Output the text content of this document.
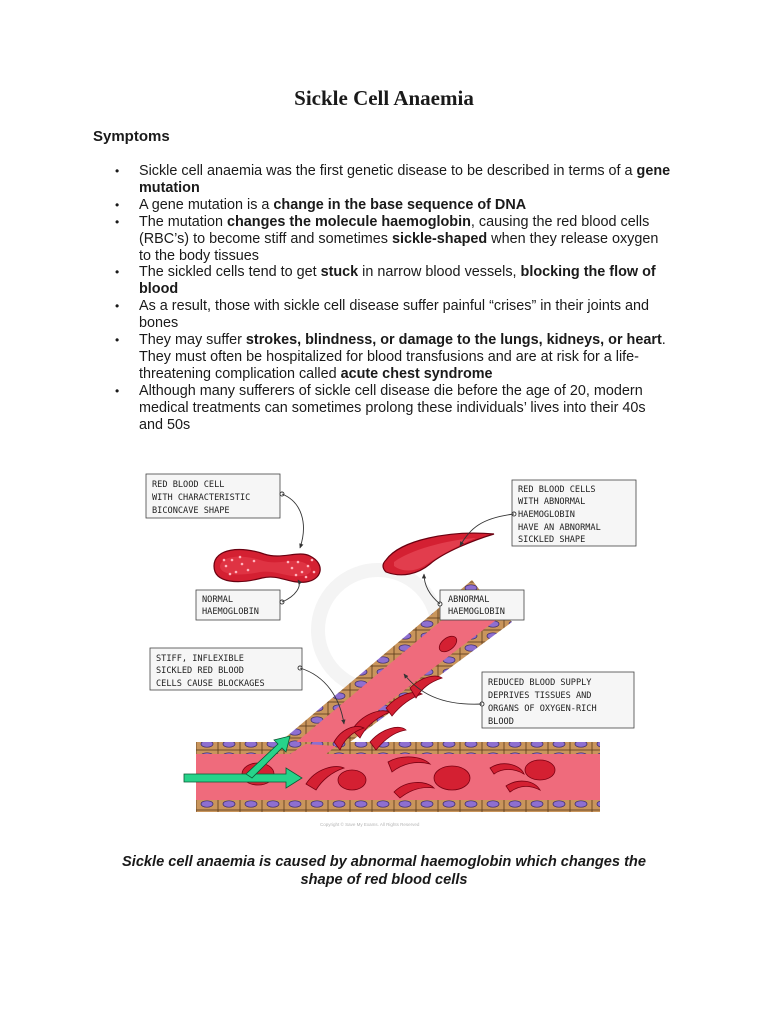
Sickle Cell Anaemia
Symptoms
• Sickle cell anaemia was the first genetic disease to be described in terms of a gene mutation
• A gene mutation is a change in the base sequence of DNA
• The mutation changes the molecule haemoglobin, causing the red blood cells (RBC’s) to become stiff and sometimes sickle-shaped when they release oxygen to the body tissues
• The sickled cells tend to get stuck in narrow blood vessels, blocking the flow of blood
• As a result, those with sickle cell disease suffer painful “crises” in their joints and bones
• They may suffer strokes, blindness, or damage to the lungs, kidneys, or heart. They must often be hospitalized for blood transfusions and are at risk for a life-threatening complication called acute chest syndrome
• Although many sufferers of sickle cell disease die before the age of 20, modern medical treatments can sometimes prolong these individuals’ lives into their 40s and 50s
RED BLOOD CELL
WITH CHARACTERISTIC
BICONCAVE SHAPE
RED BLOOD CELLS
WITH ABNORMAL
HAEMOGLOBIN
HAVE AN ABNORMAL
SICKLED SHAPE
NORMAL
HAEMOGLOBIN
ABNORMAL
HAEMOGLOBIN
STIFF, INFLEXIBLE
SICKLED RED BLOOD
CELLS CAUSE BLOCKAGES	REDUCED BLOOD SUPPLY
DEPRIVES TISSUES AND
ORGANS OF OXYGEN-RICH
BLOOD
Copyright © Save My Exams. All Rights Reserved

Sickle cell anaemia is caused by abnormal haemoglobin which changes the shape of red blood cells
